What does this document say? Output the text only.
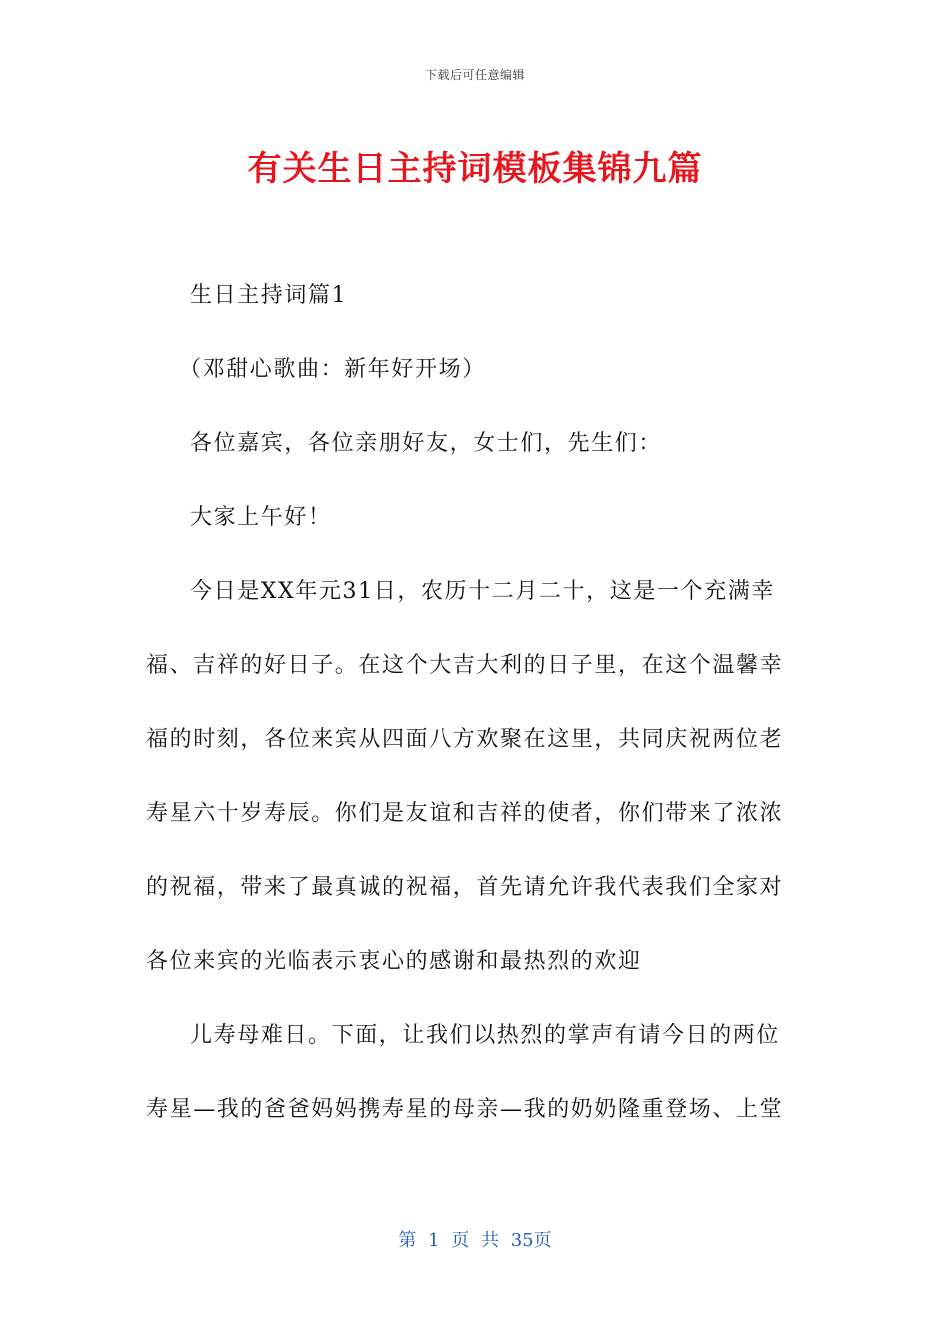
下载后可任意编辑
有关生日主持词模板集锦九篇
生日主持词篇1
（邓甜心歌曲：新年好开场）
各位嘉宾，各位亲朋好友，女士们，先生们：
大家上午好！
今日是XX年元31日，农历十二月二十，这是一个充满幸
福、吉祥的好日子。在这个大吉大利的日子里，在这个温馨幸
福的时刻，各位来宾从四面八方欢聚在这里，共同庆祝两位老
寿星六十岁寿辰。你们是友谊和吉祥的使者，你们带来了浓浓
的祝福，带来了最真诚的祝福，首先请允许我代表我们全家对
各位来宾的光临表示衷心的感谢和最热烈的欢迎
儿寿母难日。下面，让我们以热烈的掌声有请今日的两位
寿星—我的爸爸妈妈携寿星的母亲—我的奶奶隆重登场、上堂
第 1 页 共 35页
